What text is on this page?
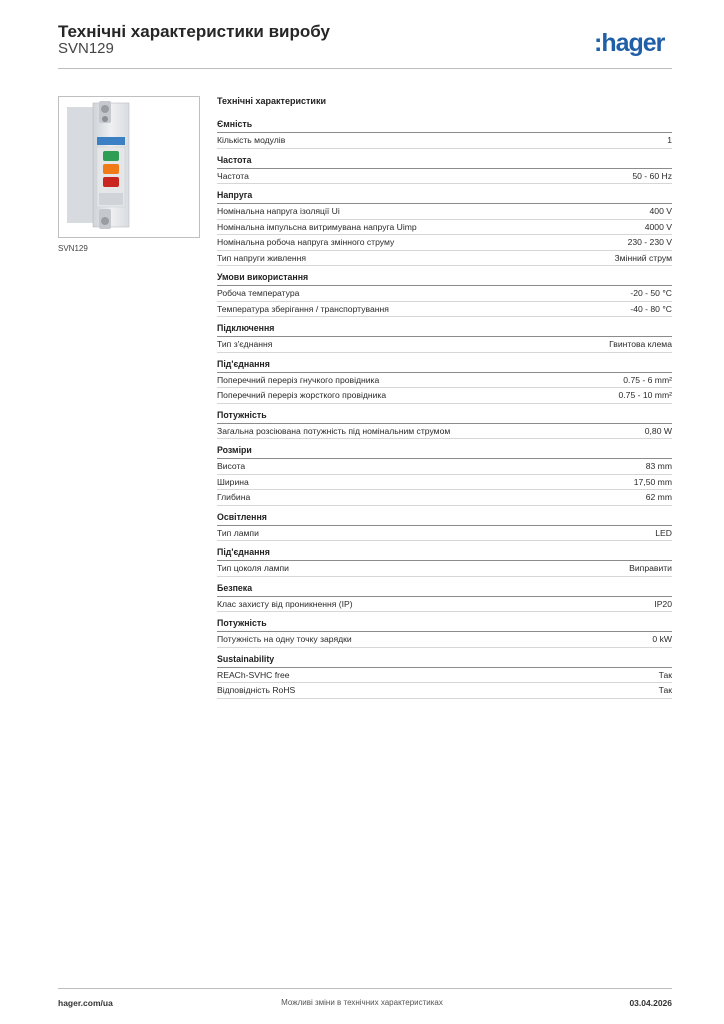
Технічні характеристики виробу
SVN129	:hager
SVN129
Технічні характеристики
Ємність
Кількість модулів	1
Частота
Частота	50 - 60 Hz
Напруга
Номінальна напруга ізоляції Ui	400 V
Номінальна імпульсна витримувана напруга Uimp	4000 V
Номінальна робоча напруга змінного струму	230 - 230 V
Тип напруги живлення	Змінний струм
Умови використання
Робоча температура	-20 - 50 °C
Температура зберігання / транспортування	-40 - 80 °C
Підключення
Тип з'єднання	Гвинтова клема
Під'єднання
Поперечний переріз гнучкого провідника	0.75 - 6 mm²
Поперечний переріз жорсткого провідника	0.75 - 10 mm²
Потужність
Загальна розсіювана потужність під номінальним струмом	0,80 W
Розміри
Висота	83 mm
Ширина	17,50 mm
Глибина	62 mm
Освітлення
Тип лампи	LED
Під'єднання
Тип цоколя лампи	Виправити
Безпека
Клас захисту від проникнення (IP)	IP20
Потужність
Потужність на одну точку зарядки	0 kW
Sustainability
REACh-SVHC free	Так
Відповідність RoHS	Так
hager.com/ua	Можливі зміни в технічних характеристиках	03.04.2026
